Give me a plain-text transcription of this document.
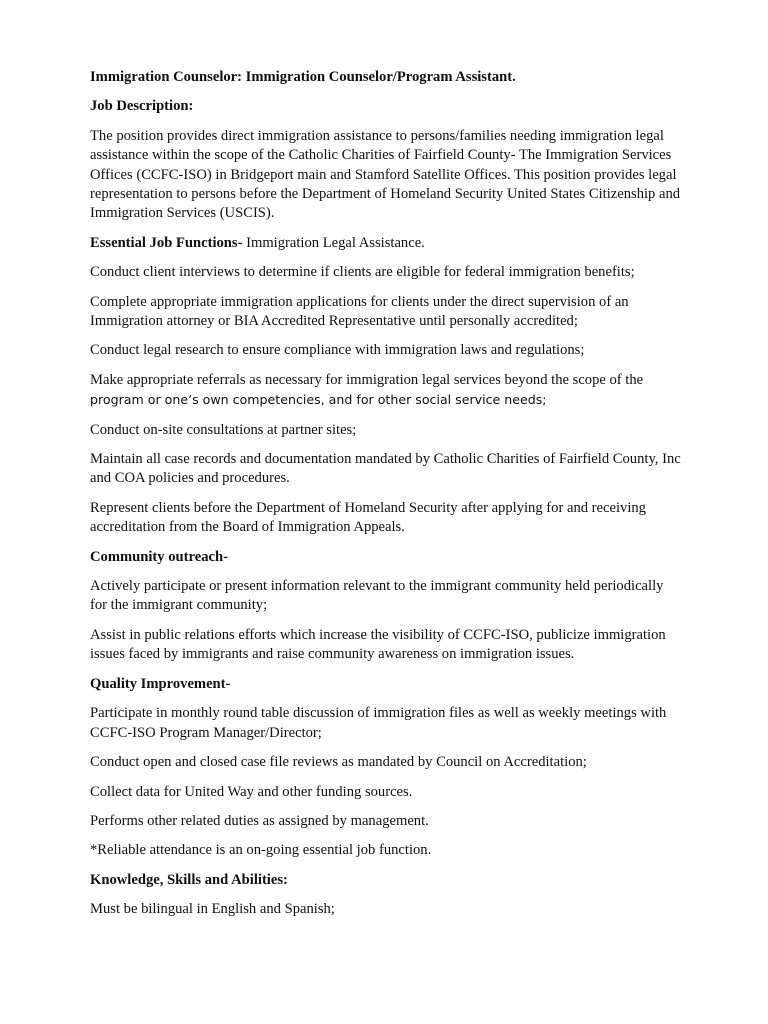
Immigration Counselor: Immigration Counselor/Program Assistant.

Job Description:

The position provides direct immigration assistance to persons/families needing immigration legal assistance within the scope of the Catholic Charities of Fairfield County- The Immigration Services Offices (CCFC-ISO) in Bridgeport main and Stamford Satellite Offices. This position provides legal representation to persons before the Department of Homeland Security United States Citizenship and Immigration Services (USCIS).

Essential Job Functions- Immigration Legal Assistance.

Conduct client interviews to determine if clients are eligible for federal immigration benefits;

Complete appropriate immigration applications for clients under the direct supervision of an Immigration attorney or BIA Accredited Representative until personally accredited;

Conduct legal research to ensure compliance with immigration laws and regulations;

Make appropriate referrals as necessary for immigration legal services beyond the scope of the program or one’s own competencies, and for other social service needs;

Conduct on-site consultations at partner sites;

Maintain all case records and documentation mandated by Catholic Charities of Fairfield County, Inc and COA policies and procedures.

Represent clients before the Department of Homeland Security after applying for and receiving accreditation from the Board of Immigration Appeals.

Community outreach-

Actively participate or present information relevant to the immigrant community held periodically for the immigrant community;

Assist in public relations efforts which increase the visibility of CCFC-ISO, publicize immigration issues faced by immigrants and raise community awareness on immigration issues.

Quality Improvement-

Participate in monthly round table discussion of immigration files as well as weekly meetings with CCFC-ISO Program Manager/Director;

Conduct open and closed case file reviews as mandated by Council on Accreditation;

Collect data for United Way and other funding sources.

Performs other related duties as assigned by management.

*Reliable attendance is an on-going essential job function.

Knowledge, Skills and Abilities:

Must be bilingual in English and Spanish;
